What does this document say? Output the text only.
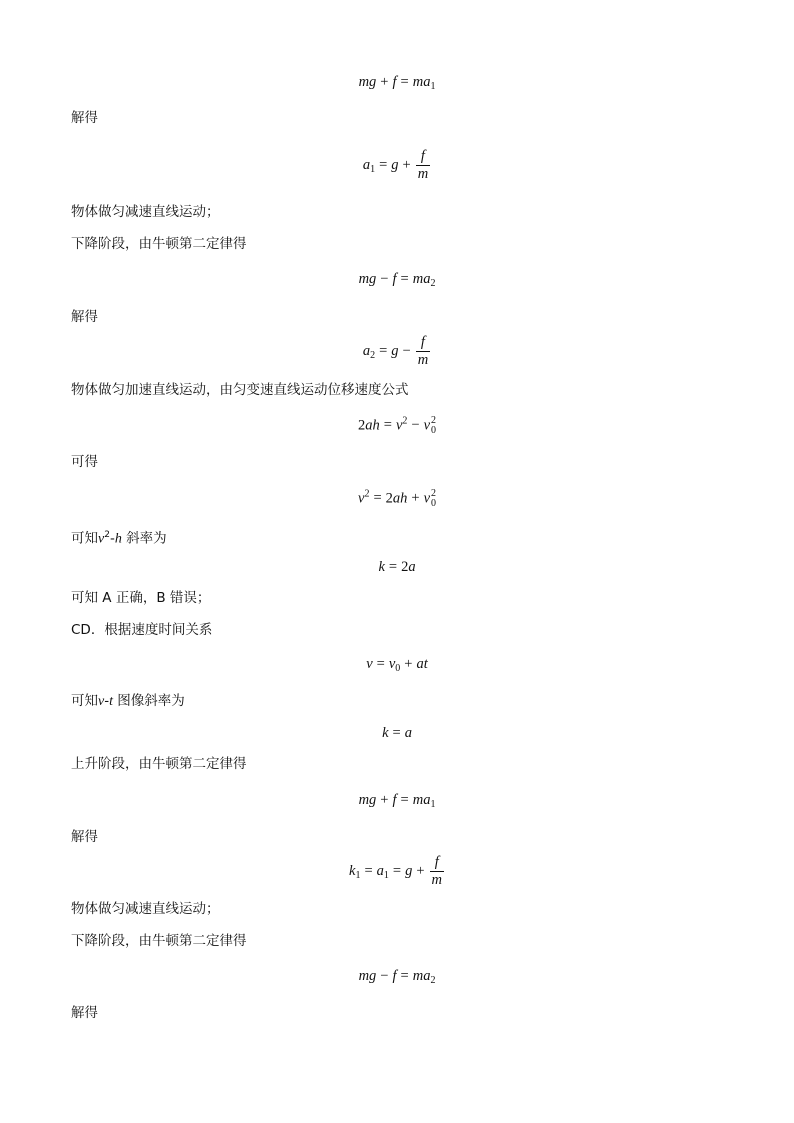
mg + $f = ma_1$
解得
$a_1 = g + \frac{f}{m}$
物体做匀减速直线运动；
下降阶段，由牛顿第二定律得
mg − $f = ma_2$
解得
$a_2 = g - \frac{f}{m}$
物体做匀加速直线运动，由匀变速直线运动位移速度公式
$2ah = v^2 - v$ 2
0
可得
$v^2 = 2ah + v$ 2
0
可知$v^2-h$ 斜率为
k = 2a
可知 A 正确，B 错误；
CD．根据速度时间关系
$v = v_0$ + at
可知v-t 图像斜率为
k = a
上升阶段，由牛顿第二定律得
mg + $f = ma_1$
解得
$k_1 = a_1 = g + \frac{f}{m}$
物体做匀减速直线运动；
下降阶段，由牛顿第二定律得
mg − $f = ma_2$
解得
